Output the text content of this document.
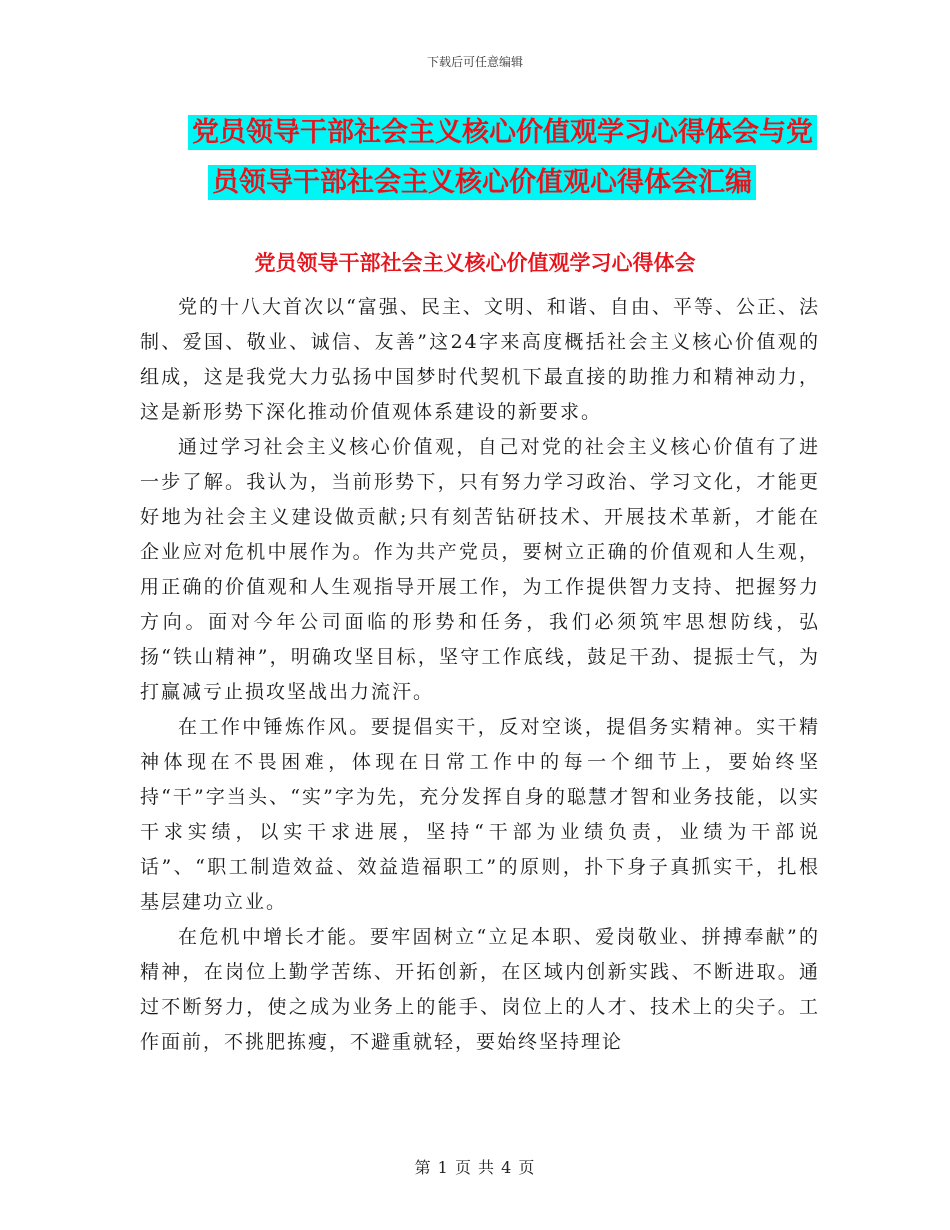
下载后可任意编辑
党员领导干部社会主义核心价值观学习心得体会与党
员领导干部社会主义核心价值观心得体会汇编
党员领导干部社会主义核心价值观学习心得体会

党的十八大首次以“富强、民主、文明、和谐、自由、平等、公正、法制、爱国、敬业、诚信、友善”这24字来高度概括社会主义核心价值观的组成，这是我党大力弘扬中国梦时代契机下最直接的助推力和精神动力，这是新形势下深化推动价值观体系建设的新要求。

通过学习社会主义核心价值观，自己对党的社会主义核心价值有了进一步了解。我认为，当前形势下，只有努力学习政治、学习文化，才能更好地为社会主义建设做贡献;只有刻苦钻研技术、开展技术革新，才能在企业应对危机中展作为。作为共产党员，要树立正确的价值观和人生观，用正确的价值观和人生观指导开展工作，为工作提供智力支持、把握努力方向。面对今年公司面临的形势和任务，我们必须筑牢思想防线，弘扬“铁山精神”，明确攻坚目标，坚守工作底线，鼓足干劲、提振士气，为打赢减亏止损攻坚战出力流汗。

在工作中锤炼作风。要提倡实干，反对空谈，提倡务实精神。实干精神体现在不畏困难，体现在日常工作中的每一个细节上，要始终坚持“干”字当头、“实”字为先，充分发挥自身的聪慧才智和业务技能，以实干求实绩，以实干求进展，坚持“干部为业绩负责，业绩为干部说话”、“职工制造效益、效益造福职工”的原则，扑下身子真抓实干，扎根基层建功立业。

在危机中增长才能。要牢固树立“立足本职、爱岗敬业、拼搏奉献”的精神，在岗位上勤学苦练、开拓创新，在区域内创新实践、不断进取。通过不断努力，使之成为业务上的能手、岗位上的人才、技术上的尖子。工作面前，不挑肥拣瘦，不避重就轻，要始终坚持理论

第 1 页 共 4 页
